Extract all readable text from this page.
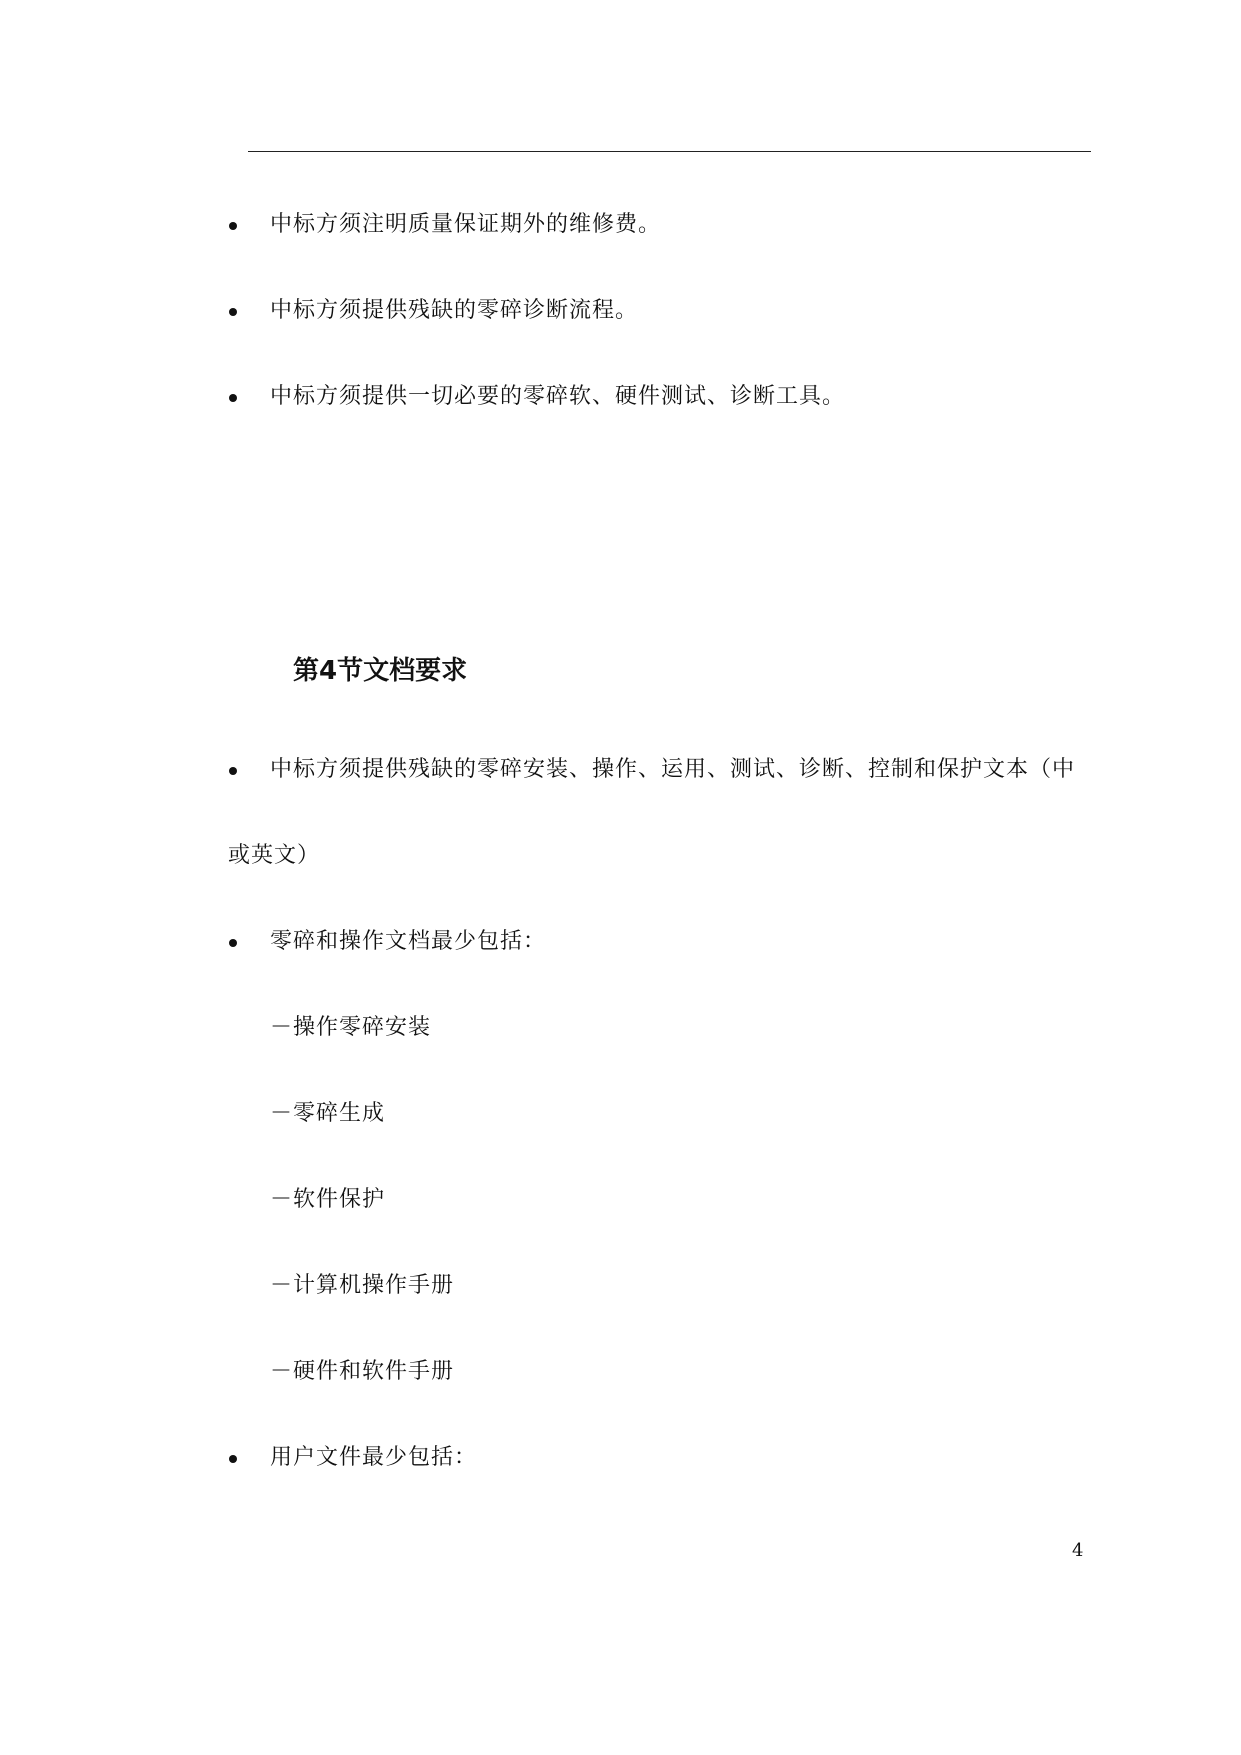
中标方须注明质量保证期外的维修费。
中标方须提供残缺的零碎诊断流程。
中标方须提供一切必要的零碎软、硬件测试、诊断工具。
第4节文档要求
中标方须提供残缺的零碎安装、操作、运用、测试、诊断、控制和保护文本（中
或英文）
零碎和操作文档最少包括：
－操作零碎安装
－零碎生成
－软件保护
－计算机操作手册
－硬件和软件手册
用户文件最少包括：
4
